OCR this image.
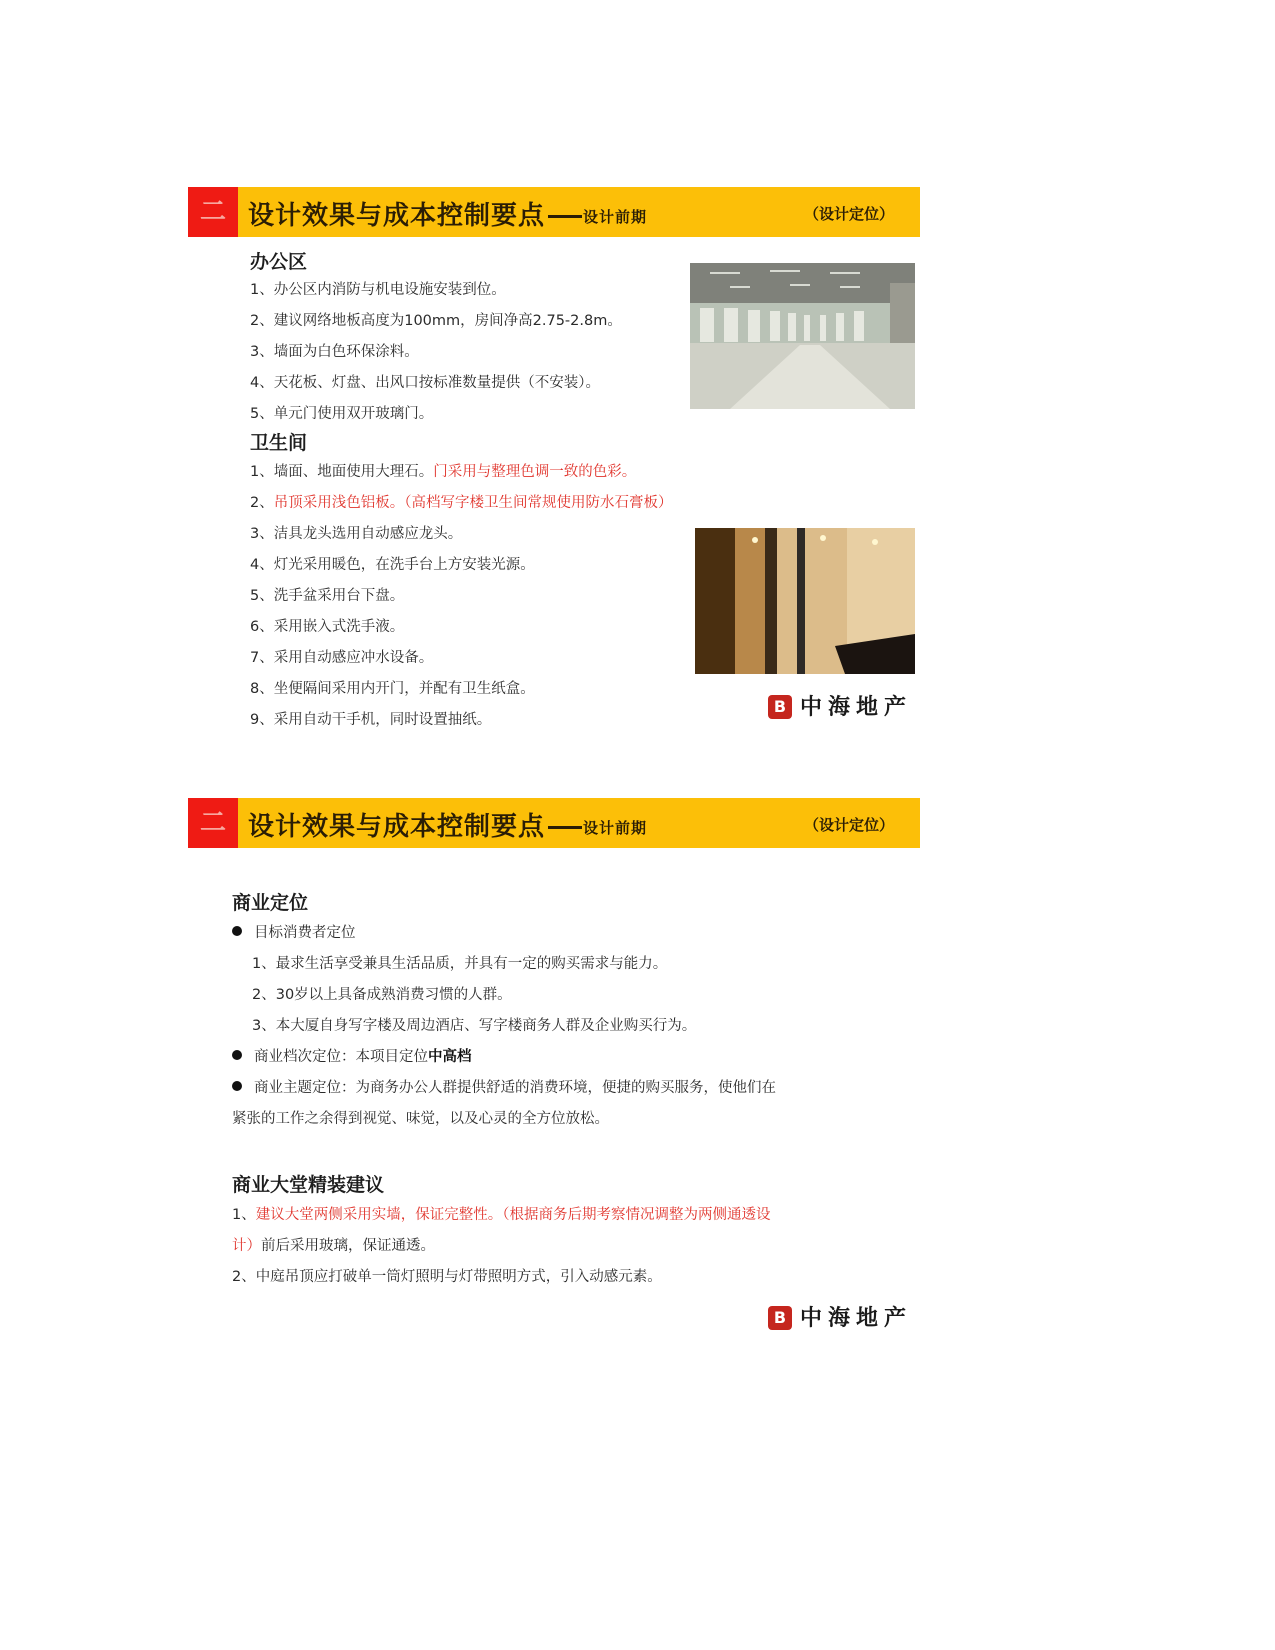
二 设计效果与成本控制要点	设计前期	（设计定位）
办公区
1、办公区内消防与机电设施安装到位。
2、建议网络地板高度为100mm，房间净高2.75-2.8m。
3、墙面为白色环保涂料。
4、天花板、灯盘、出风口按标准数量提供（不安装）。
5、单元门使用双开玻璃门。
卫生间
1、墙面、地面使用大理石。门采用与整理色调一致的色彩。
2、吊顶采用浅色铝板。（高档写字楼卫生间常规使用防水石膏板）
3、洁具龙头选用自动感应龙头。
4、灯光采用暖色，在洗手台上方安装光源。
5、洗手盆采用台下盘。
6、采用嵌入式洗手液。
7、采用自动感应冲水设备。
8、坐便隔间采用内开门，并配有卫生纸盒。
9、采用自动干手机，同时设置抽纸。
B 中海地产
二 设计效果与成本控制要点	设计前期	（设计定位）
商业定位
目标消费者定位
1、最求生活享受兼具生活品质，并具有一定的购买需求与能力。
2、30岁以上具备成熟消费习惯的人群。
3、本大厦自身写字楼及周边酒店、写字楼商务人群及企业购买行为。
商业档次定位：本项目定位中高档
商业主题定位：为商务办公人群提供舒适的消费环境，便捷的购买服务，使他们在
紧张的工作之余得到视觉、味觉，以及心灵的全方位放松。
商业大堂精装建议
1、建议大堂两侧采用实墙，保证完整性。（根据商务后期考察情况调整为两侧通透设
计）前后采用玻璃，保证通透。
2、中庭吊顶应打破单一筒灯照明与灯带照明方式，引入动感元素。
B 中海地产
